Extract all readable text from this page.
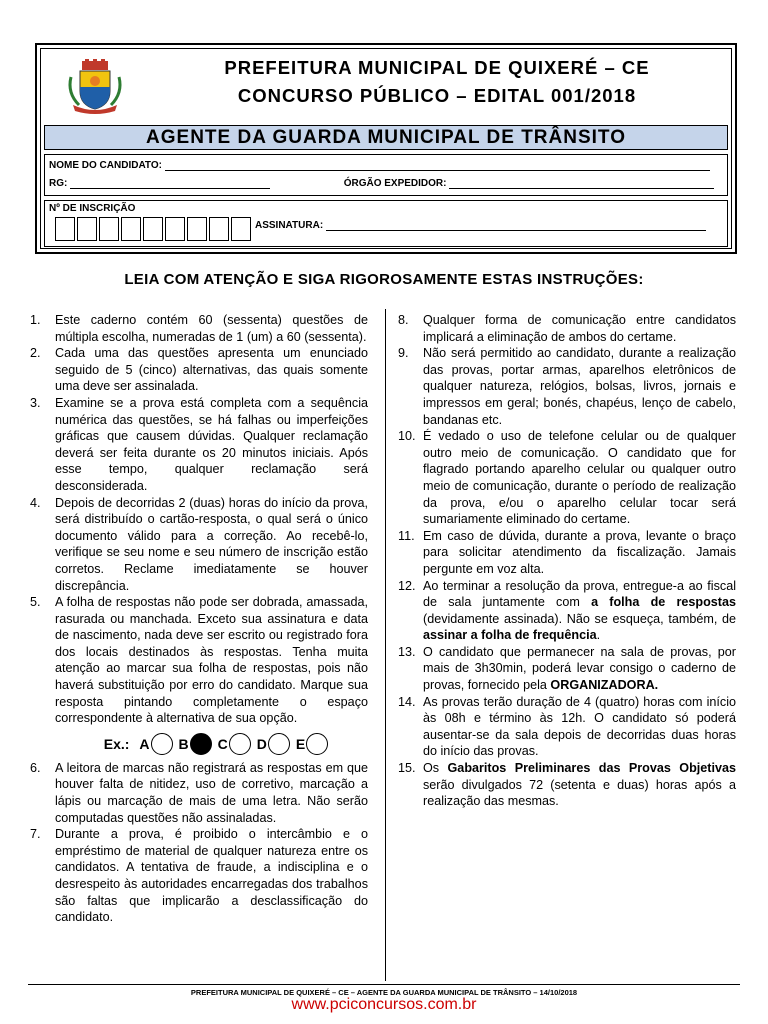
PREFEITURA MUNICIPAL DE QUIXERÉ – CE
CONCURSO PÚBLICO – EDITAL 001/2018
AGENTE DA GUARDA MUNICIPAL DE TRÂNSITO
NOME DO CANDIDATO:
RG:	ÓRGÃO EXPEDIDOR:
Nº DE INSCRIÇÃO
ASSINATURA:
LEIA COM ATENÇÃO E SIGA RIGOROSAMENTE ESTAS INSTRUÇÕES:
1.	Este caderno contém 60 (sessenta) questões de múltipla escolha, numeradas de 1 (um) a 60 (sessenta).
2.	Cada uma das questões apresenta um enunciado seguido de 5 (cinco) alternativas, das quais somente uma deve ser assinalada.
3.	Examine se a prova está completa com a sequência numérica das questões, se há falhas ou imperfeições gráficas que causem dúvidas. Qualquer reclamação deverá ser feita durante os 20 minutos iniciais. Após esse tempo, qualquer reclamação será desconsiderada.
4.	Depois de decorridas 2 (duas) horas do início da prova, será distribuído o cartão-resposta, o qual será o único documento válido para a correção. Ao recebê-lo, verifique se seu nome e seu número de inscrição estão corretos. Reclame imediatamente se houver discrepância.
5.	A folha de respostas não pode ser dobrada, amassada, rasurada ou manchada. Exceto sua assinatura e data de nascimento, nada deve ser escrito ou registrado fora dos locais destinados às respostas. Tenha muita atenção ao marcar sua folha de respostas, pois não haverá substituição por erro do candidato. Marque sua resposta pintando completamente o espaço correspondente à alternativa de sua opção.
Ex.: A B C D E
6.	A leitora de marcas não registrará as respostas em que houver falta de nitidez, uso de corretivo, marcação a lápis ou marcação de mais de uma letra. Não serão computadas questões não assinaladas.
7.	Durante a prova, é proibido o intercâmbio e o empréstimo de material de qualquer natureza entre os candidatos. A tentativa de fraude, a indisciplina e o desrespeito às autoridades encarregadas dos trabalhos são faltas que implicarão a desclassificação do candidato.
8.	Qualquer forma de comunicação entre candidatos implicará a eliminação de ambos do certame.
9.	Não será permitido ao candidato, durante a realização das provas, portar armas, aparelhos eletrônicos de qualquer natureza, relógios, bolsas, livros, jornais e impressos em geral; bonés, chapéus, lenço de cabelo, bandanas etc.
10. É vedado o uso de telefone celular ou de qualquer outro meio de comunicação. O candidato que for flagrado portando aparelho celular ou qualquer outro meio de comunicação, durante o período de realização da prova, e/ou o aparelho celular tocar será sumariamente eliminado do certame.
11. Em caso de dúvida, durante a prova, levante o braço para solicitar atendimento da fiscalização. Jamais pergunte em voz alta.
12. Ao terminar a resolução da prova, entregue-a ao fiscal de sala juntamente com a folha de respostas (devidamente assinada). Não se esqueça, também, de assinar a folha de frequência.
13. O candidato que permanecer na sala de provas, por mais de 3h30min, poderá levar consigo o caderno de provas, fornecido pela ORGANIZADORA.
14. As provas terão duração de 4 (quatro) horas com início às 08h e término às 12h. O candidato só poderá ausentar-se da sala depois de decorridas duas horas do início das provas.
15. Os Gabaritos Preliminares das Provas Objetivas serão divulgados 72 (setenta e duas) horas após a realização das mesmas.
PREFEITURA MUNICIPAL DE QUIXERÉ – CE – AGENTE DA GUARDA MUNICIPAL DE TRÂNSITO – 14/10/2018
www.pciconcursos.com.br
